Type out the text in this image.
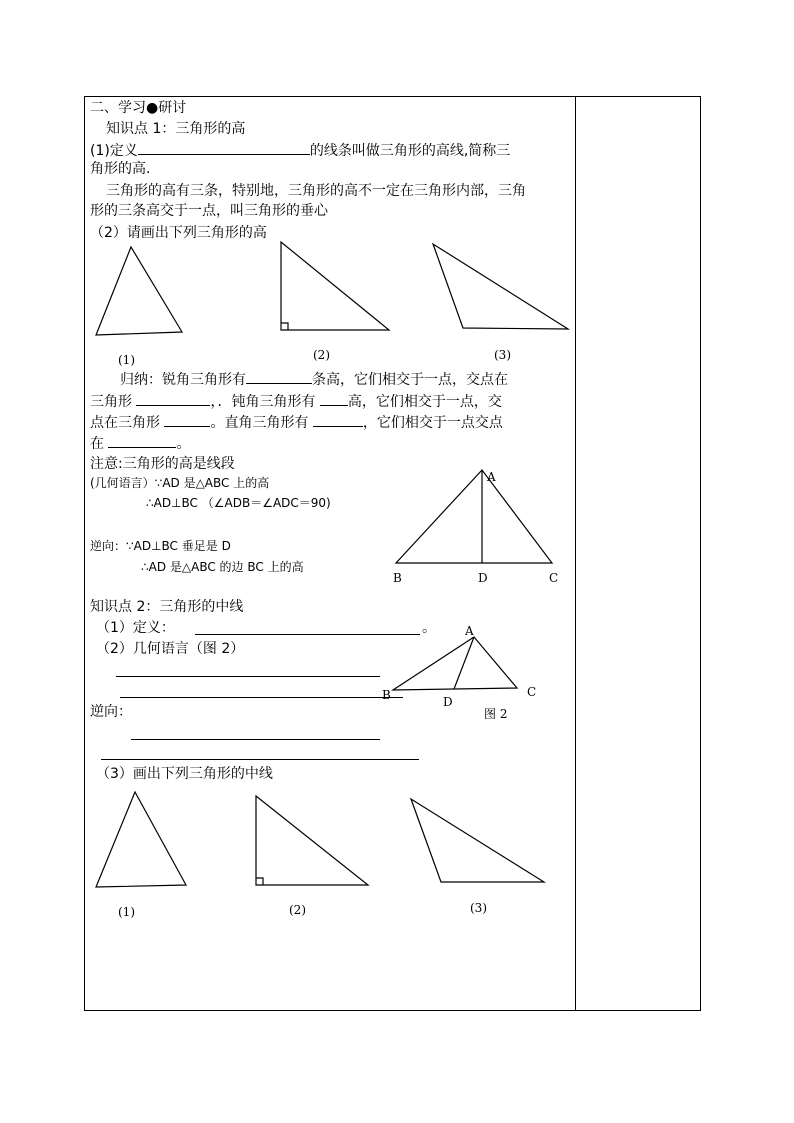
二、学习●研讨
知识点 1：三角形的高
(1)定义	的线条叫做三角形的高线,简称三
角形的高.
三角形的高有三条，特别地，三角形的高不一定在三角形内部，三角
形的三条高交于一点，叫三角形的垂心
（2）请画出下列三角形的高
归纳：锐角三角形有	条高，它们相交于一点，交点在
三角形	，．钝角三角形有 高，它们相交于一点，交
点在三角形	。直角三角形有	，它们相交于一点交点
在	。
注意:三角形的高是线段
(几何语言）∵AD 是△ABC 上的高
∴AD⊥BC （∠ADB＝∠ADC＝90)
逆向：∵AD⊥BC 垂足是 D
∴AD 是△ABC 的边 BC 上的高
知识点 2：三角形的中线
（1）定义：	。
（2）几何语言（图 2）
逆向：
（3）画出下列三角形的中线
(1)	(2)	(3)
A
B	D	C
A
B	D
C
图 2
(1)	(2)	(3)
